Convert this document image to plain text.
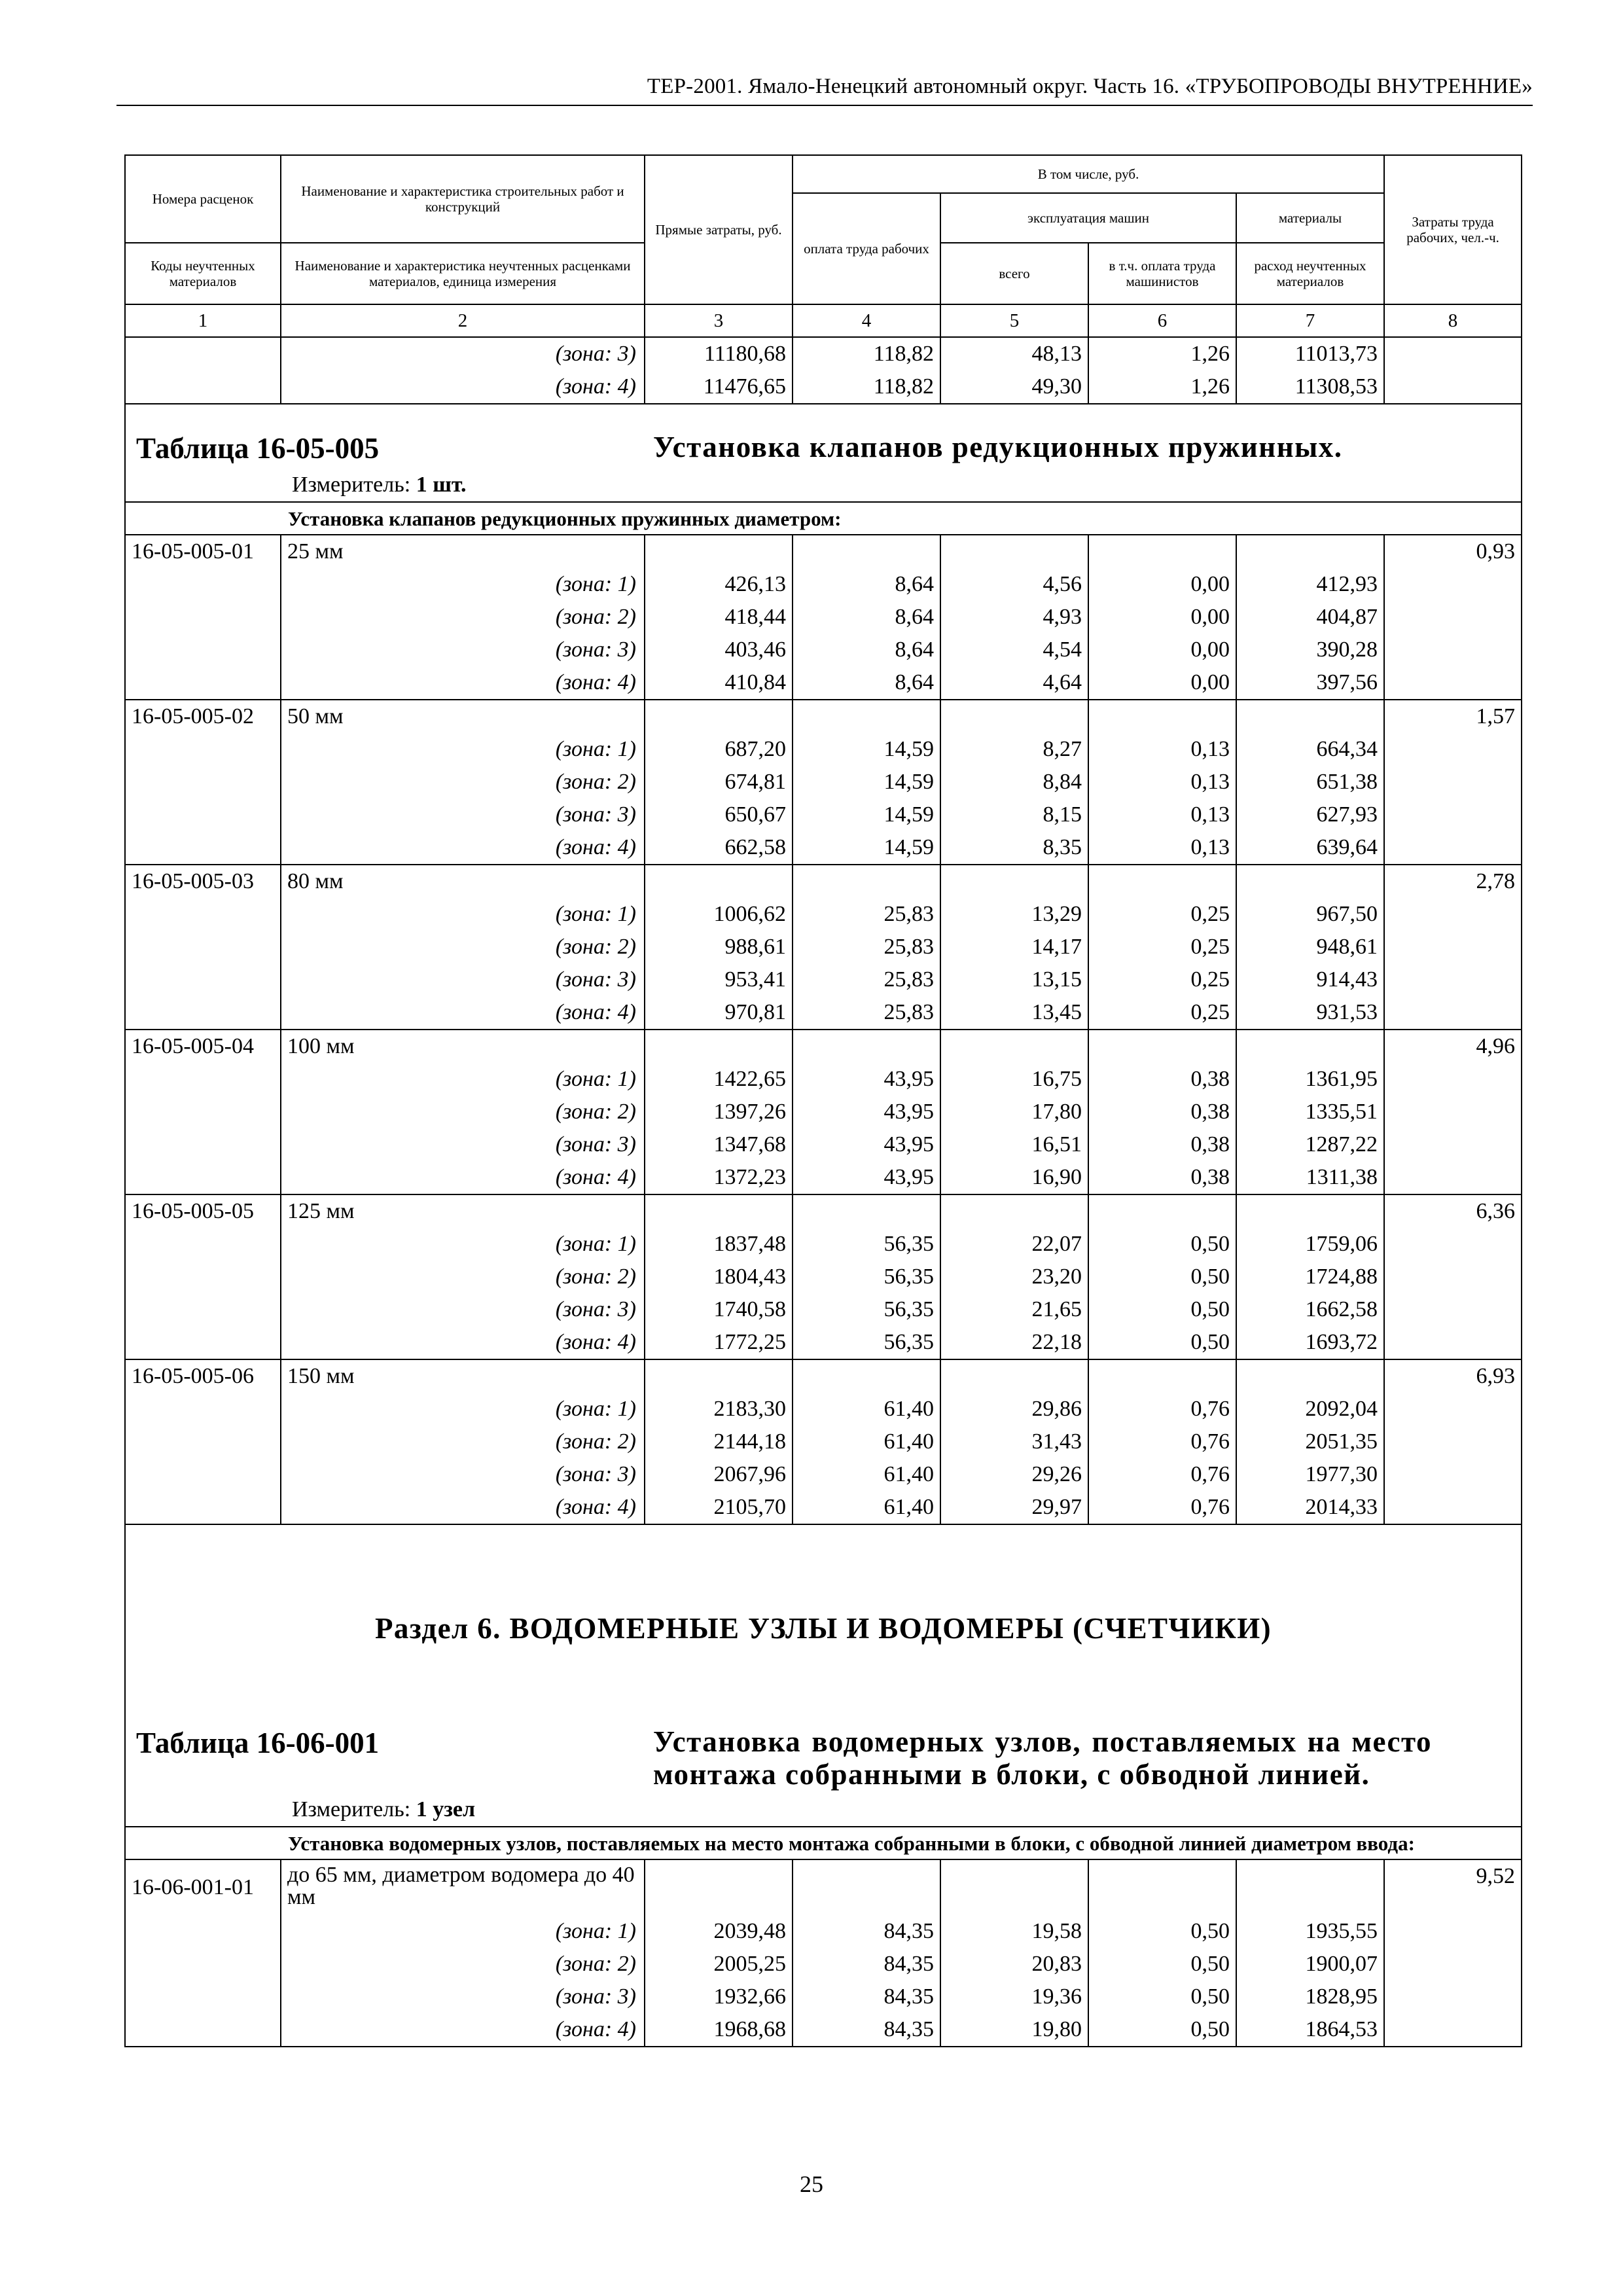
ТЕР-2001. Ямало-Ненецкий автономный округ. Часть 16. «ТРУБОПРОВОДЫ ВНУТРЕННИЕ»
Номера расценок	Наименование и характеристика строительных работ и конструкций	Прямые затраты, руб.	В том числе, руб.				Затраты труда рабочих, чел.-ч.
			оплата труда рабочих	эксплуатация машин		материалы	
Коды неучтенных материалов	Наименование и характеристика неучтенных расценками материалов, единица измерения			всего	в т.ч. оплата труда машинистов	расход неучтенных материалов	
1	2	3	4	5	6	7	8
	(зона: 3)	11180,68	118,82	48,13	1,26	11013,73	
	(зона: 4)	11476,65	118,82	49,30	1,26	11308,53	

Таблица 16-05-005 Установка клапанов редукционных пружинных.
Измеритель: 1 шт.							

Установка клапанов редукционных пружинных диаметром:							
16-05-005-01	25 мм						0,93
	(зона: 1)	426,13	8,64	4,56	0,00	412,93	
	(зона: 2)	418,44	8,64	4,93	0,00	404,87	
	(зона: 3)	403,46	8,64	4,54	0,00	390,28	
	(зона: 4)	410,84	8,64	4,64	0,00	397,56	
16-05-005-02	50 мм						1,57
	(зона: 1)	687,20	14,59	8,27	0,13	664,34	
	(зона: 2)	674,81	14,59	8,84	0,13	651,38	
	(зона: 3)	650,67	14,59	8,15	0,13	627,93	
	(зона: 4)	662,58	14,59	8,35	0,13	639,64	
16-05-005-03	80 мм						2,78
	(зона: 1)	1006,62	25,83	13,29	0,25	967,50	
	(зона: 2)	988,61	25,83	14,17	0,25	948,61	
	(зона: 3)	953,41	25,83	13,15	0,25	914,43	
	(зона: 4)	970,81	25,83	13,45	0,25	931,53	
16-05-005-04	100 мм						4,96
	(зона: 1)	1422,65	43,95	16,75	0,38	1361,95	
	(зона: 2)	1397,26	43,95	17,80	0,38	1335,51	
	(зона: 3)	1347,68	43,95	16,51	0,38	1287,22	
	(зона: 4)	1372,23	43,95	16,90	0,38	1311,38	
16-05-005-05	125 мм						6,36
	(зона: 1)	1837,48	56,35	22,07	0,50	1759,06	
	(зона: 2)	1804,43	56,35	23,20	0,50	1724,88	
	(зона: 3)	1740,58	56,35	21,65	0,50	1662,58	
	(зона: 4)	1772,25	56,35	22,18	0,50	1693,72	
16-05-005-06	150 мм						6,93
	(зона: 1)	2183,30	61,40	29,86	0,76	2092,04	
	(зона: 2)	2144,18	61,40	31,43	0,76	2051,35	
	(зона: 3)	2067,96	61,40	29,26	0,76	1977,30	
	(зона: 4)	2105,70	61,40	29,97	0,76	2014,33	

Раздел 6. ВОДОМЕРНЫЕ УЗЛЫ И ВОДОМЕРЫ (СЧЕТЧИКИ)							

Таблица 16-06-001 Установка водомерных узлов, поставляемых на место монтажа собранными в блоки, с обводной линией.
Измеритель: 1 узел							

Установка водомерных узлов, поставляемых на место монтажа собранными в блоки, с обводной линией диаметром ввода:							
16-06-001-01	до 65 мм, диаметром водомера до 40 мм						9,52
	(зона: 1)	2039,48	84,35	19,58	0,50	1935,55	
	(зона: 2)	2005,25	84,35	20,83	0,50	1900,07	
	(зона: 3)	1932,66	84,35	19,36	0,50	1828,95	
	(зона: 4)	1968,68	84,35	19,80	0,50	1864,53	
25
